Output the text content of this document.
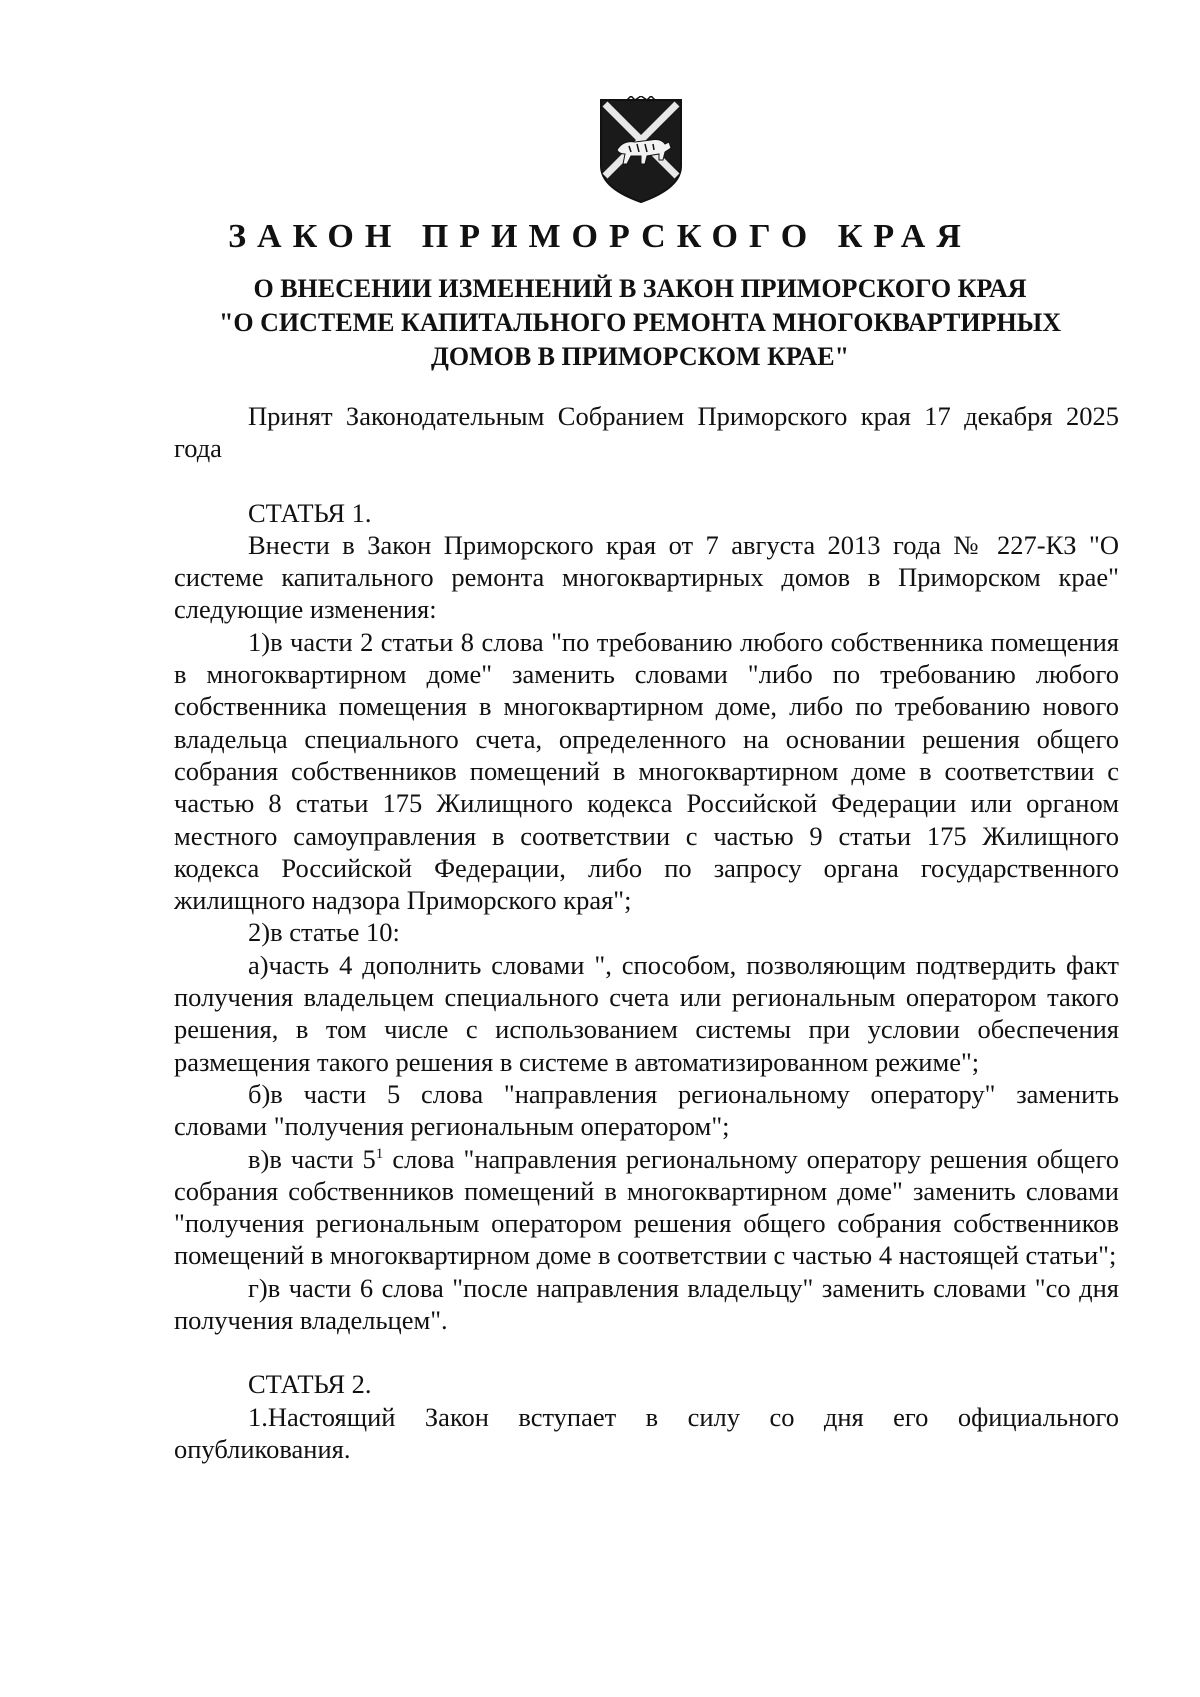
ЗАКОН ПРИМОРСКОГО КРАЯ
О ВНЕСЕНИИ ИЗМЕНЕНИЙ В ЗАКОН ПРИМОРСКОГО КРАЯ
"О СИСТЕМЕ КАПИТАЛЬНОГО РЕМОНТА МНОГОКВАРТИРНЫХ
ДОМОВ В ПРИМОРСКОМ КРАЕ"

Принят Законодательным Собранием Приморского края 17 декабря 2025 года

СТАТЬЯ 1.

Внести в Закон Приморского края от 7 августа 2013 года № 227-КЗ "О системе капитального ремонта многоквартирных домов в Приморском крае" следующие изменения:

1)в части 2 статьи 8 слова "по требованию любого собственника помещения в многоквартирном доме" заменить словами "либо по требованию любого собственника помещения в многоквартирном доме, либо по требованию нового владельца специального счета, определенного на основании решения общего собрания собственников помещений в многоквартирном доме в соответствии с частью 8 статьи 175 Жилищного кодекса Российской Федерации или органом местного самоуправления в соответствии с частью 9 статьи 175 Жилищного кодекса Российской Федерации, либо по запросу органа государственного жилищного надзора Приморского края";

2)в статье 10:

а)часть 4 дополнить словами ", способом, позволяющим подтвердить факт получения владельцем специального счета или региональным оператором такого решения, в том числе с использованием системы при условии обеспечения размещения такого решения в системе в автоматизированном режиме";

б)в части 5 слова "направления региональному оператору" заменить словами "получения региональным оператором";

в)в части $5^1$ слова "направления региональному оператору решения общего собрания собственников помещений в многоквартирном доме" заменить словами "получения региональным оператором решения общего собрания собственников помещений в многоквартирном доме в соответствии с частью 4 настоящей статьи";

г)в части 6 слова "после направления владельцу" заменить словами "со дня получения владельцем".

СТАТЬЯ 2.

1.Настоящий Закон вступает в силу со дня его официального опубликования.
